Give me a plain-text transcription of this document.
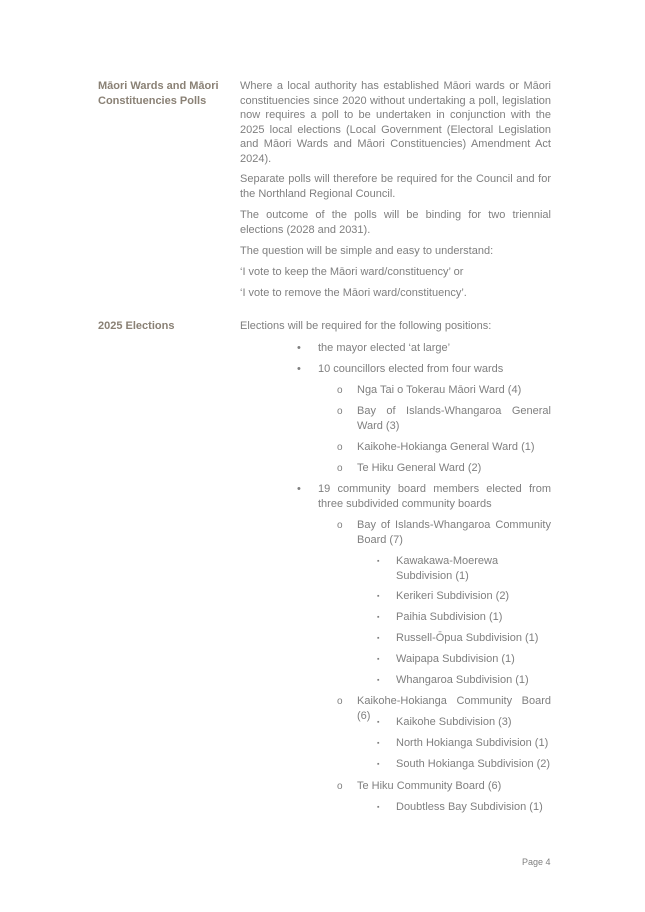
Māori Wards and Māori Constituencies Polls

Where a local authority has established Māori wards or Māori constituencies since 2020 without undertaking a poll, legislation now requires a poll to be undertaken in conjunction with the 2025 local elections (Local Government (Electoral Legislation and Māori Wards and Māori Constituencies) Amendment Act 2024).

Separate polls will therefore be required for the Council and for the Northland Regional Council.

The outcome of the polls will be binding for two triennial elections (2028 and 2031).

The question will be simple and easy to understand:

‘I vote to keep the Māori ward/constituency’ or

‘I vote to remove the Māori ward/constituency’.

2025 Elections	Elections will be required for the following positions:

• the mayor elected ‘at large’
• 10 councillors elected from four wards
o Nga Tai o Tokerau Māori Ward (4)
o Bay of Islands-Whangaroa General Ward (3)
o Kaikohe-Hokianga General Ward (1)
o Te Hiku General Ward (2)
• 19 community board members elected from three subdivided community boards
o Bay of Islands-Whangaroa Community Board (7)
▪ Kawakawa-Moerewa Subdivision (1)
▪ Kerikeri Subdivision (2)
▪ Paihia Subdivision (1)
▪ Russell-Ōpua Subdivision (1)
▪ Waipapa Subdivision (1)
▪ Whangaroa Subdivision (1)
o Kaikohe-Hokianga Community Board (6)
▪ Kaikohe Subdivision (3)
▪ North Hokianga Subdivision (1)
▪ South Hokianga Subdivision (2)
o Te Hiku Community Board (6)
▪ Doubtless Bay Subdivision (1)
Page 4
